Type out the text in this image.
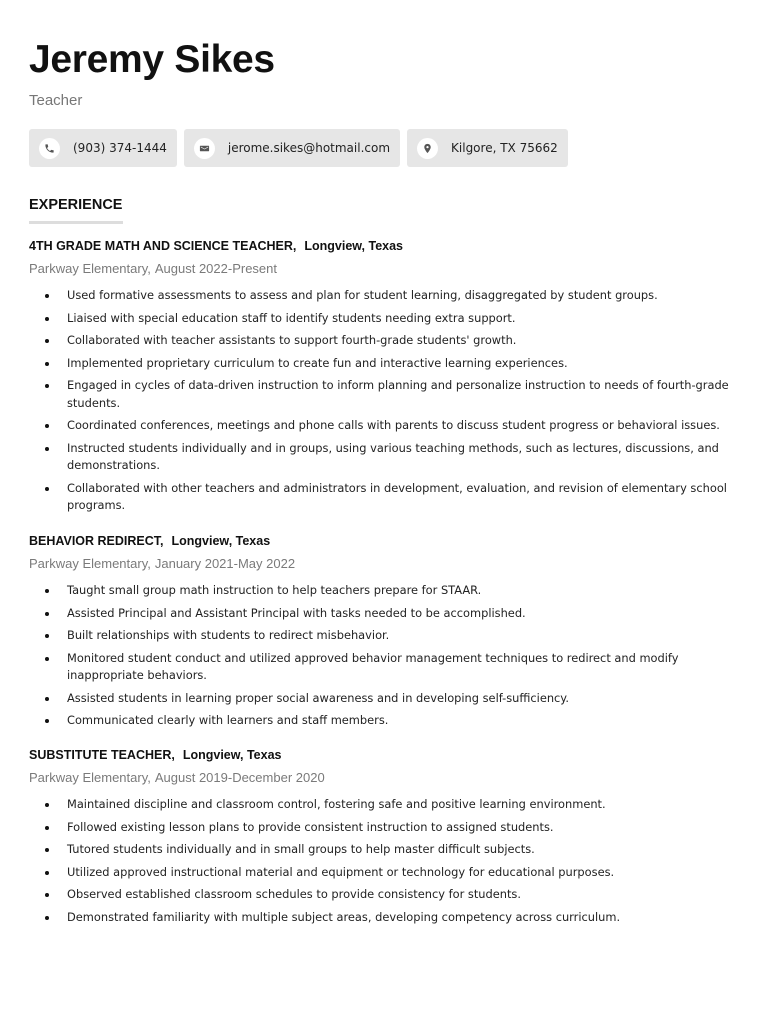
Jeremy Sikes
Teacher
(903) 374-1444	jerome.sikes@hotmail.com	Kilgore, TX 75662
EXPERIENCE
4TH GRADE MATH AND SCIENCE TEACHER, Longview, Texas
Parkway Elementary, August 2022-Present
Used formative assessments to assess and plan for student learning, disaggregated by student groups.
Liaised with special education staff to identify students needing extra support.
Collaborated with teacher assistants to support fourth-grade students' growth.
Implemented proprietary curriculum to create fun and interactive learning experiences.
Engaged in cycles of data-driven instruction to inform planning and personalize instruction to needs of fourth-grade students.
Coordinated conferences, meetings and phone calls with parents to discuss student progress or behavioral issues.
Instructed students individually and in groups, using various teaching methods, such as lectures, discussions, and demonstrations.
Collaborated with other teachers and administrators in development, evaluation, and revision of elementary school programs.
BEHAVIOR REDIRECT, Longview, Texas
Parkway Elementary, January 2021-May 2022
Taught small group math instruction to help teachers prepare for STAAR.
Assisted Principal and Assistant Principal with tasks needed to be accomplished.
Built relationships with students to redirect misbehavior.
Monitored student conduct and utilized approved behavior management techniques to redirect and modify inappropriate behaviors.
Assisted students in learning proper social awareness and in developing self-sufficiency.
Communicated clearly with learners and staff members.
SUBSTITUTE TEACHER, Longview, Texas
Parkway Elementary, August 2019-December 2020
Maintained discipline and classroom control, fostering safe and positive learning environment.
Followed existing lesson plans to provide consistent instruction to assigned students.
Tutored students individually and in small groups to help master difficult subjects.
Utilized approved instructional material and equipment or technology for educational purposes.
Observed established classroom schedules to provide consistency for students.
Demonstrated familiarity with multiple subject areas, developing competency across curriculum.
